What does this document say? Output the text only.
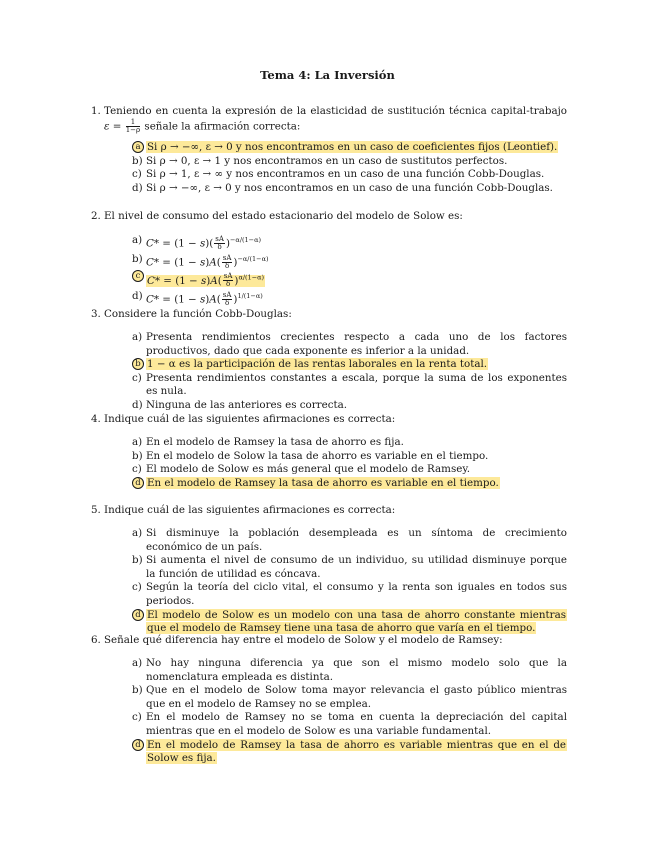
Tema 4: La Inversión
1. Teniendo en cuenta la expresión de la elasticidad de sustitución técnica capital-trabajo $\varepsilon = \frac{1}{1-\rho}$ señale la afirmación correcta:
a Si ρ → −∞, ε → 0 y nos encontramos en un caso de coeficientes fijos (Leontief).
b) Si ρ → 0, ε → 1 y nos encontramos en un caso de sustitutos perfectos.
c) Si ρ → 1, ε → ∞ y nos encontramos en un caso de una función Cobb-Douglas.
d) Si ρ → −∞, ε → 0 y nos encontramos en un caso de una función Cobb-Douglas.
2. El nivel de consumo del estado estacionario del modelo de Solow es:
a) $C* = (1 - s)( \frac{sA}{\delta} )^{-\alpha/(1-\alpha)}$
b) $C* = (1 - s)A( \frac{sA}{\delta} )^{-\alpha/(1-\alpha)}$
c $C* = (1 - s)A( \frac{sA}{\delta} )^{\alpha/(1-\alpha)}$
d) $C* = (1 - s)A( \frac{sA}{\delta} )^{1/(1-\alpha)}$
3. Considere la función Cobb-Douglas:
a) Presenta rendimientos crecientes respecto a cada uno de los factores productivos, dado que cada exponente es inferior a la unidad.
b 1 − α es la participación de las rentas laborales en la renta total.
c) Presenta rendimientos constantes a escala, porque la suma de los exponentes es nula.
d) Ninguna de las anteriores es correcta.
4. Indique cuál de las siguientes afirmaciones es correcta:
a) En el modelo de Ramsey la tasa de ahorro es fija.
b) En el modelo de Solow la tasa de ahorro es variable en el tiempo.
c) El modelo de Solow es más general que el modelo de Ramsey.
d En el modelo de Ramsey la tasa de ahorro es variable en el tiempo.
5. Indique cuál de las siguientes afirmaciones es correcta:
a) Si disminuye la población desempleada es un síntoma de crecimiento económico de un país.
b) Si aumenta el nivel de consumo de un individuo, su utilidad disminuye porque la función de utilidad es cóncava.
c) Según la teoría del ciclo vital, el consumo y la renta son iguales en todos sus periodos.
d El modelo de Solow es un modelo con una tasa de ahorro constante mientras que el modelo de Ramsey tiene una tasa de ahorro que varía en el tiempo.
6. Señale qué diferencia hay entre el modelo de Solow y el modelo de Ramsey:
a) No hay ninguna diferencia ya que son el mismo modelo solo que la nomenclatura empleada es distinta.
b) Que en el modelo de Solow toma mayor relevancia el gasto público mientras que en el modelo de Ramsey no se emplea.
c) En el modelo de Ramsey no se toma en cuenta la depreciación del capital mientras que en el modelo de Solow es una variable fundamental.
d En el modelo de Ramsey la tasa de ahorro es variable mientras que en el de Solow es fija.
